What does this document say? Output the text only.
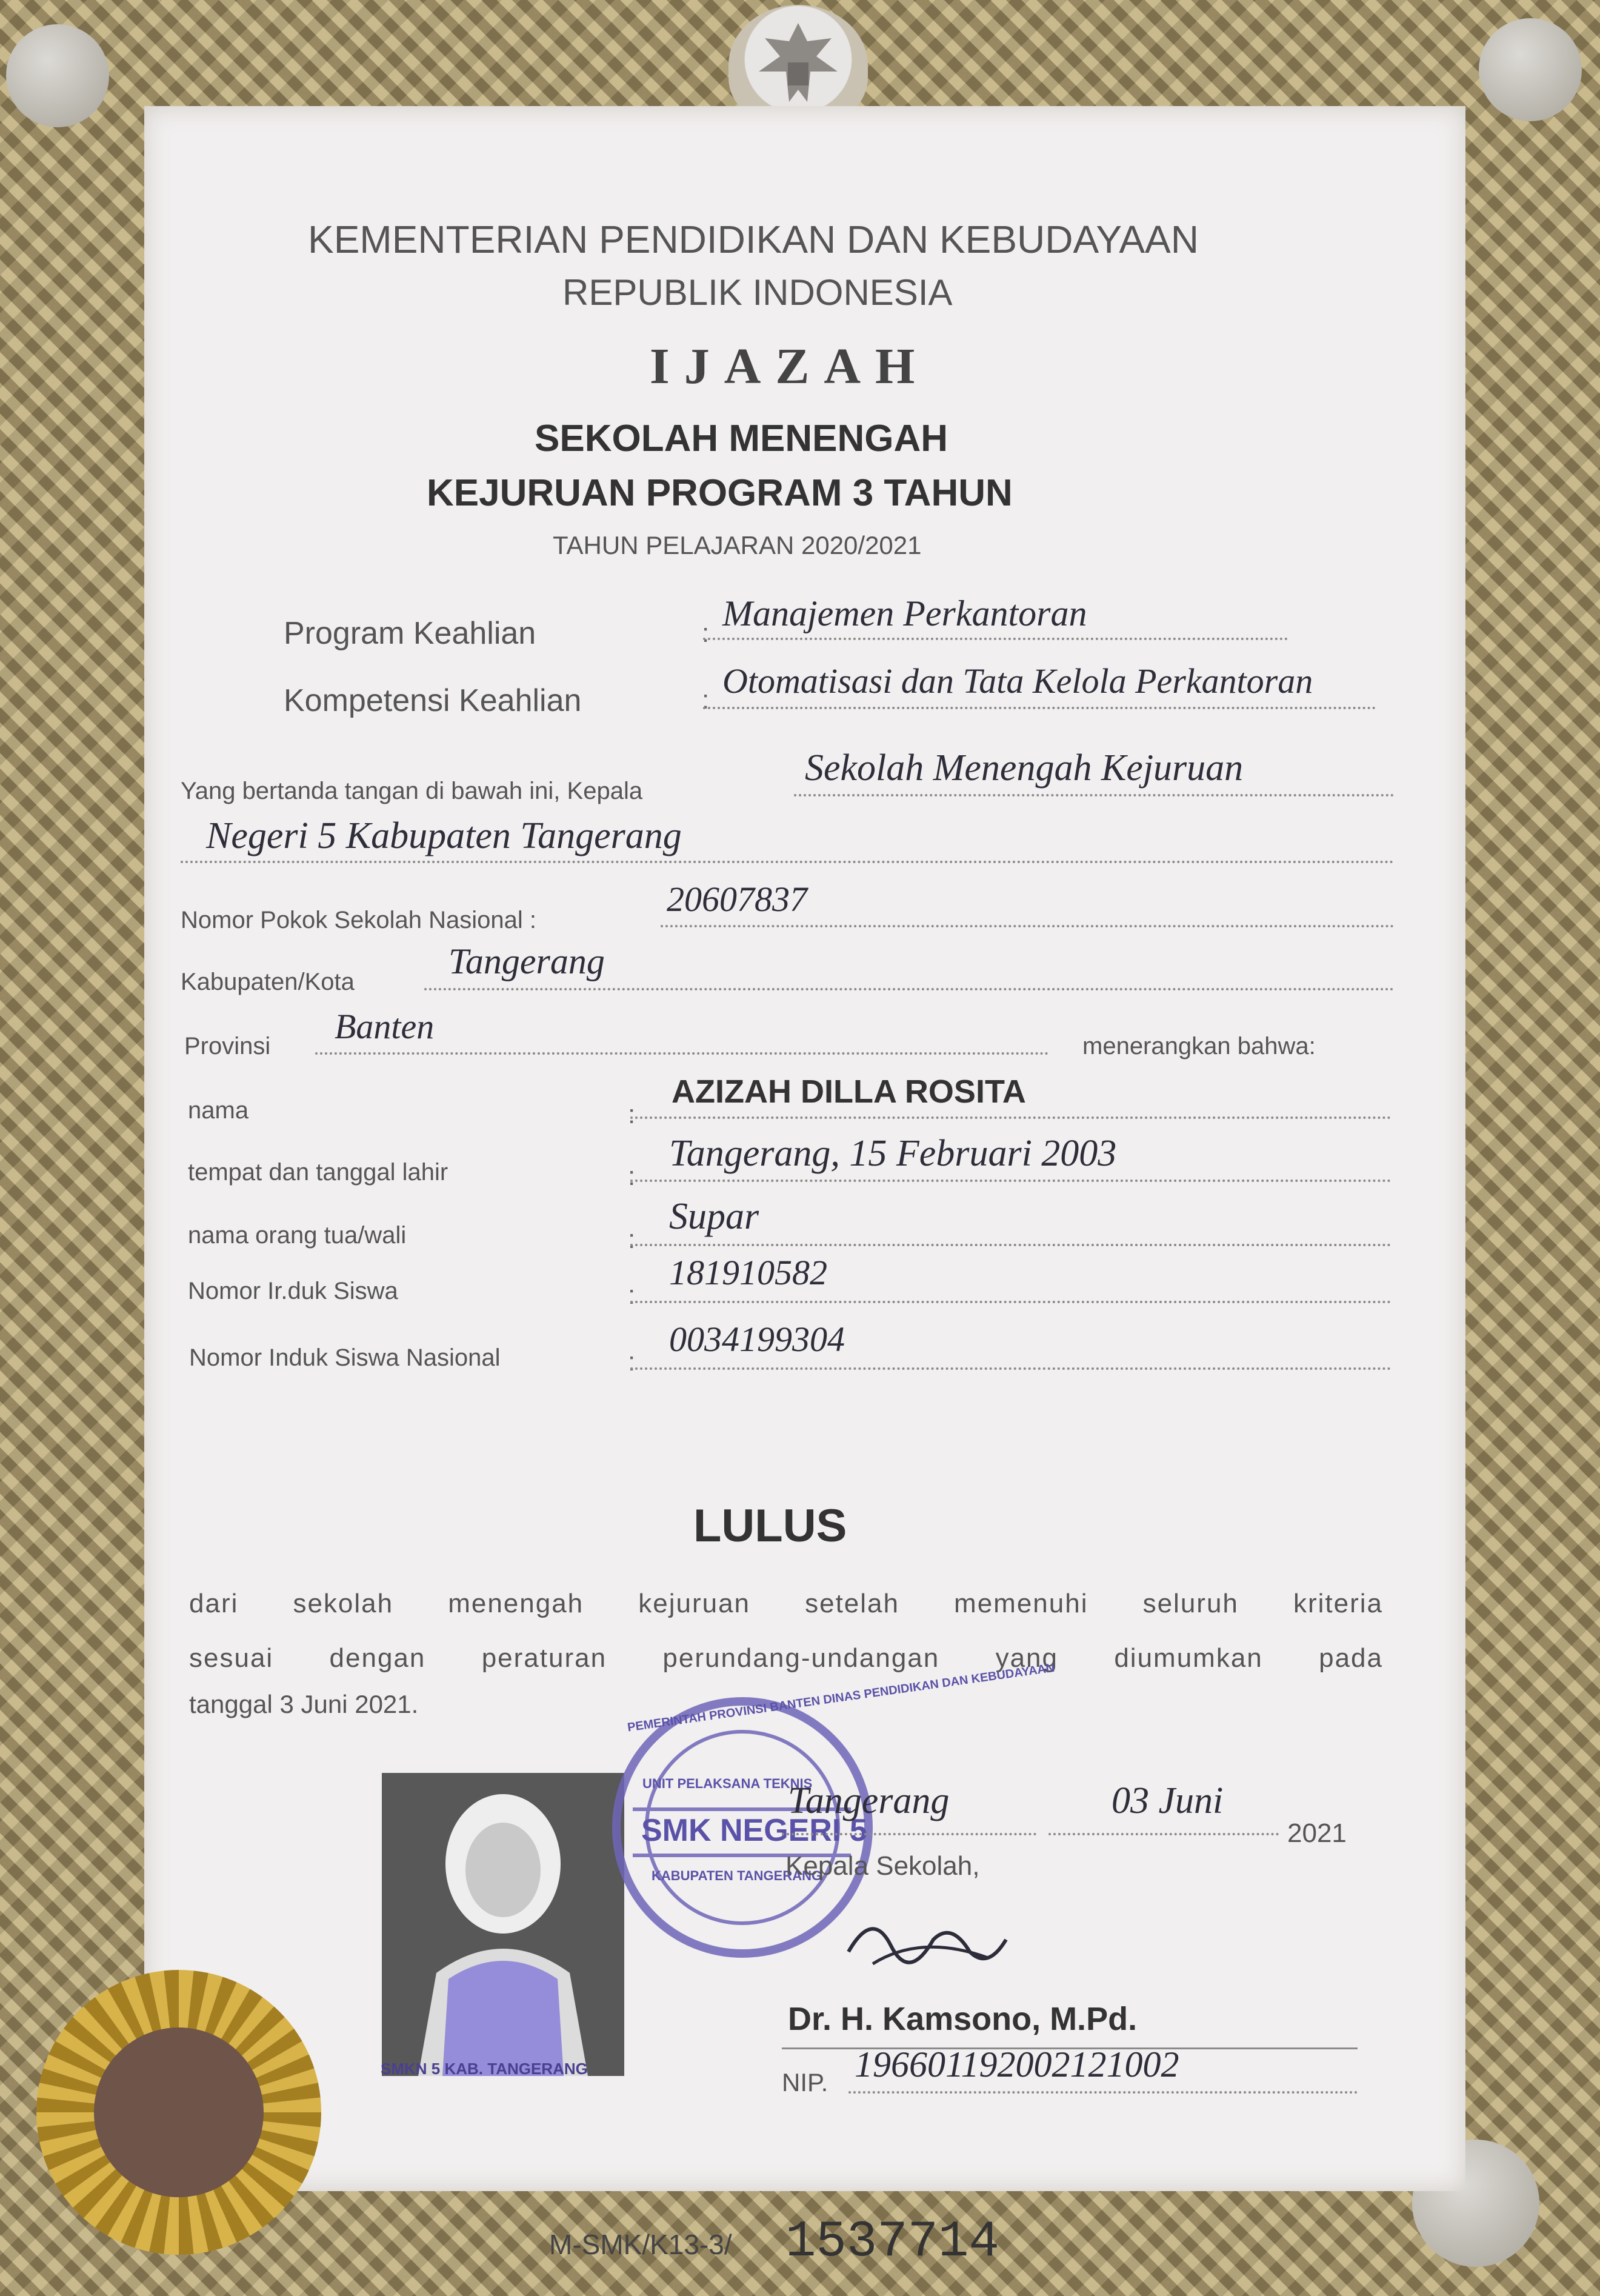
KEMENTERIAN PENDIDIKAN DAN KEBUDAYAAN
REPUBLIK INDONESIA
IJAZAH
SEKOLAH MENENGAH
KEJURUAN PROGRAM 3 TAHUN
TAHUN PELAJARAN 2020/2021
Program Keahlian	: Manajemen Perkantoran
Kompetensi Keahlian	: Otomatisasi dan Tata Kelola Perkantoran
Yang bertanda tangan di bawah ini, Kepala
Sekolah Menengah Kejuruan
Negeri 5 Kabupaten Tangerang
Nomor Pokok Sekolah Nasional :
20607837
Kabupaten/Kota
Tangerang
Provinsi Banten	menerangkan bahwa:
nama	:
AZIZAH DILLA ROSITA
tempat dan tanggal lahir	:
Tangerang, 15 Februari 2003
nama orang tua/wali	:
Supar
Nomor Ir.duk Siswa	:
181910582
Nomor Induk Siswa Nasional	:
0034199304
LULUS
dari sekolah menengah kejuruan setelah memenuhi seluruh kriteria
sesuai dengan peraturan perundang-undangan yang diumumkan pada
tanggal 3 Juni 2021.
SMKN 5 KAB. TANGERANG
PEMERINTAH PROVINSI BANTEN DINAS PENDIDIKAN DAN KEBUDAYAAN
UNIT PELAKSANA TEKNIS
SMK NEGERI 5
KABUPATEN TANGERANG
Tangerang	03 Juni
2021
Kepala Sekolah,
Dr. H. Kamsono, M.Pd.
NIP. 196601192002121002
M-SMK/K13-3/ 1537714
